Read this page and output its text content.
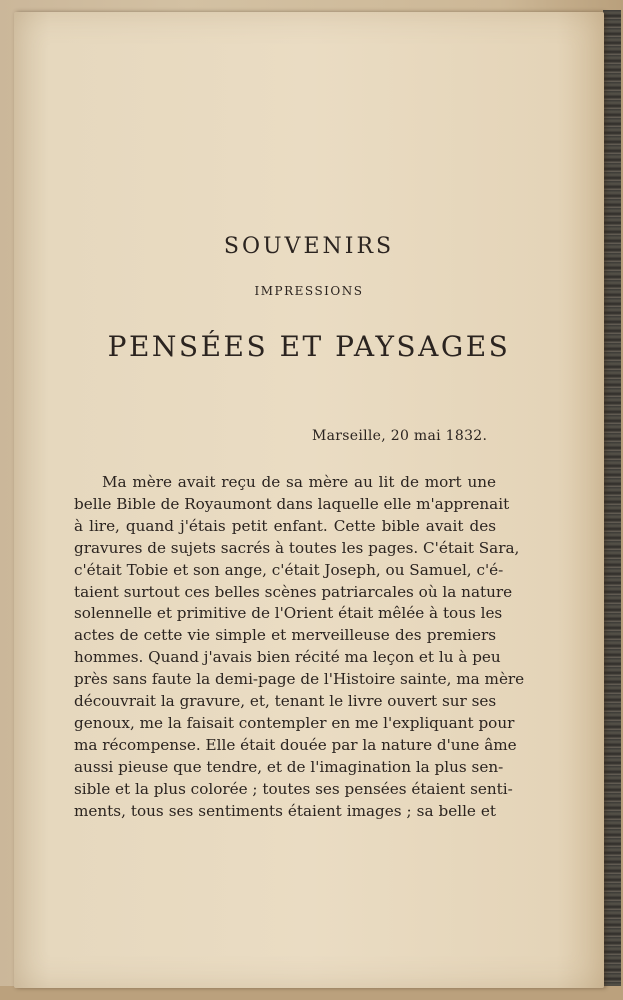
SOUVENIRS
IMPRESSIONS
PENSÉES ET PAYSAGES
Marseille, 20 mai 1832.
Ma mère avait reçu de sa mère au lit de mort une
belle Bible de Royaumont dans laquelle elle m'apprenait
à lire, quand j'étais petit enfant. Cette bible avait des
gravures de sujets sacrés à toutes les pages. C'était Sara,
c'était Tobie et son ange, c'était Joseph, ou Samuel, c'é-
taient surtout ces belles scènes patriarcales où la nature
solennelle et primitive de l'Orient était mêlée à tous les
actes de cette vie simple et merveilleuse des premiers
hommes. Quand j'avais bien récité ma leçon et lu à peu
près sans faute la demi-page de l'Histoire sainte, ma mère
découvrait la gravure, et, tenant le livre ouvert sur ses
genoux, me la faisait contempler en me l'expliquant pour
ma récompense. Elle était douée par la nature d'une âme
aussi pieuse que tendre, et de l'imagination la plus sen-
sible et la plus colorée ; toutes ses pensées étaient senti-
ments, tous ses sentiments étaient images ; sa belle et
